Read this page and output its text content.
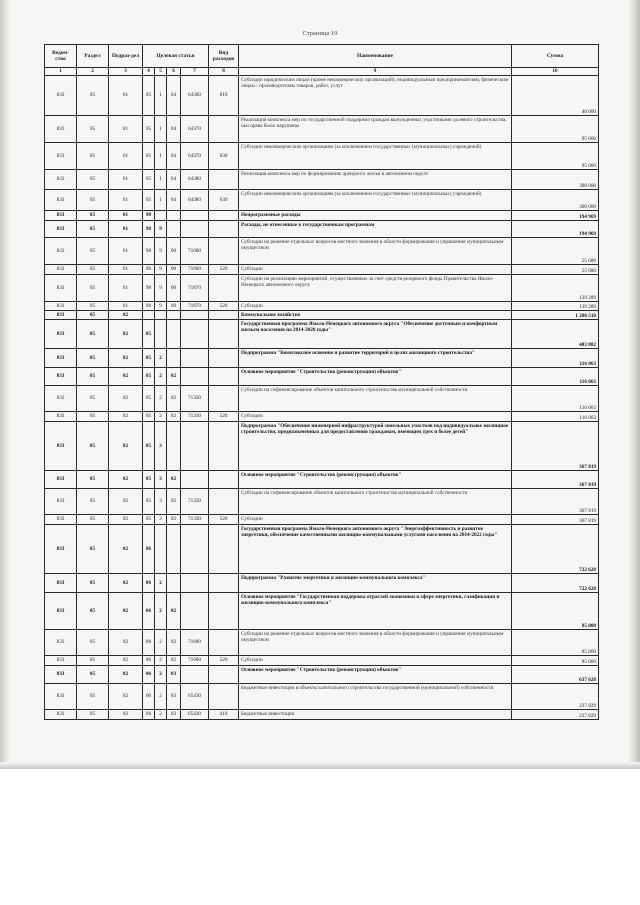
Страница 19
Ведом-ство	Раздел	Подраз-дел	Целевая статья				Вид расходов	Наименование	Сумма
1	2	3	4	5	6	7	8	9	10
833	05	01	05	1	04	64360	810	Субсидии юридическим лицам (кроме некоммерческих организаций), индивидуальным предпринимателям, физическим лицам - производителям товаров, работ, услуг	40 000
833	05	01	05	1	04	64370		Реализация комплекса мер по государственной поддержке граждан вынужденных участниками долевого строительства, чьи права были нарушены	95 000
833	05	01	05	1	04	64370	630	Субсидии некоммерческим организациям (за исключением государственных (муниципальных) учреждений)	95 000
833	05	01	05	1	04	64380		Реализация комплекса мер по формированию арендного жилья в автономном округе	300 000
833	05	01	05	1	04	64380	630	Субсидии некоммерческим организациям (за исключением государственных (муниципальных) учреждений)	300 000
833	05	01	98					Непрограммные расходы	194 969
833	05	01	98	9				Расходы, не отнесенные к государственным программам	194 969
833	05	01	98	9	00	71600		Субсидии на решение отдельных вопросов местного значения в области формирования и управления муниципальным имуществом	55 680
833	05	01	98	9	00	71600	520	Субсидии	55 680
833	05	01	98	9	00	71870		Субсидии на реализацию мероприятий, осуществляемых за счет средств резервного фонда Правительства Ямало-Ненецкого автономного округа	139 289
833	05	01	98	9	00	71870	520	Субсидии	139 289
833	05	02						Коммунальное хозяйство	1 206 510
833	05	02	05					Государственная программа Ямало-Ненецкого автономного округа "Обеспечение доступным и комфортным жильем населения на 2014-2020 годы"	483 882
833	05	02	05	2				Подпрограмма "Комплексное освоение и развитие территорий в целях жилищного строительства"	116 063
833	05	02	05	2	02			Основное мероприятие "Строительство (реконструкция) объектов"	116 063
833	05	02	05	2	02	71330		Субсидии на софинансирование объектов капитального строительства муниципальной собственности	116 063
833	05	02	05	2	02	71330	520	Субсидии	116 063
833	05	02	05	3				Подпрограмма "Обеспечение инженерной инфраструктурой земельных участков под индивидуальное жилищное строительство, предназначенных для предоставления гражданам, имеющим трех и более детей"	367 819
833	05	02	05	3	02			Основное мероприятие "Строительство (реконструкция) объектов"	367 819
833	05	02	05	3	02	71330		Субсидии на софинансирование объектов капитального строительства муниципальной собственности	367 819
833	05	02	05	3	02	71330	520	Субсидии	367 819
833	05	02	06					Государственная программа Ямало-Ненецкого автономного округа "Энергоэффективность и развитие энергетики, обеспечение качественными жилищно-коммунальными услугами населения на 2014-2022 годы"	722 628
833	05	02	06	2				Подпрограмма "Развитие энергетики и жилищно-коммунального комплекса"	722 628
833	05	02	06	2	02			Основное мероприятие "Государственная поддержка отраслей экономики в сфере энергетики, газификации и жилищно-коммунального комплекса"	85 000
833	05	02	06	2	02	71600		Субсидии на решение отдельных вопросов местного значения в области формирования и управления муниципальным имуществом	85 000
833	05	02	06	2	02	71600	520	Субсидии	85 000
833	05	02	06	2	03			Основное мероприятие "Строительство (реконструкция) объектов"	637 628
833	05	02	06	2	03	65430		Бюджетные инвестиции в объекты капитального строительства государственной (муниципальной) собственности	237 829
833	05	02	06	2	03	65430	410	Бюджетные инвестиции	237 829
